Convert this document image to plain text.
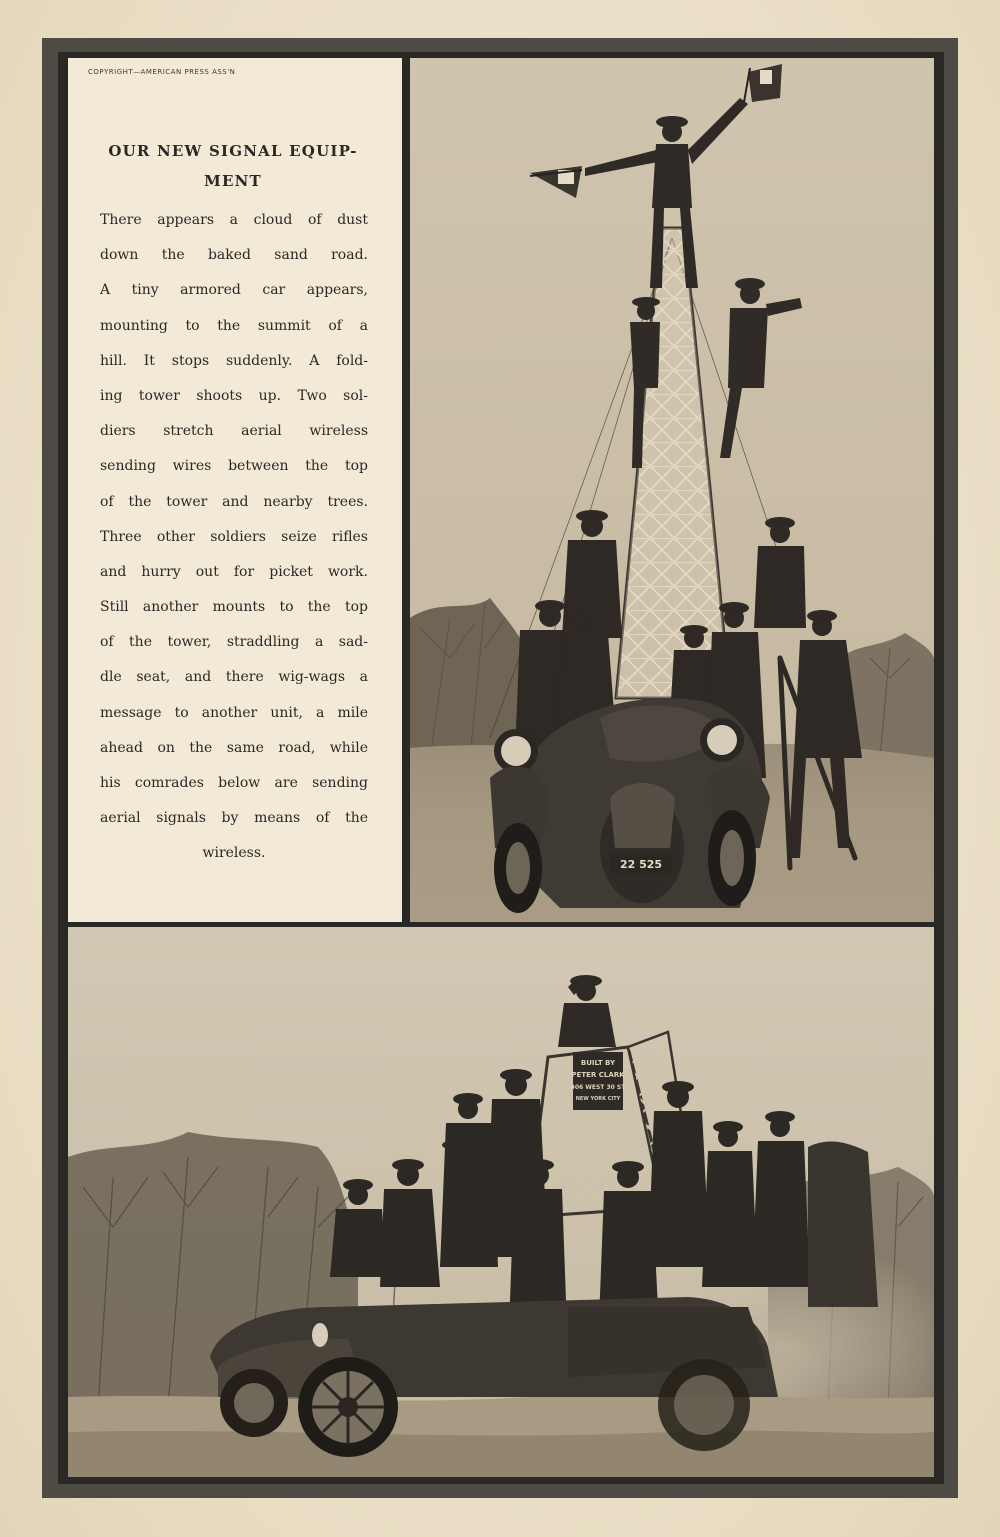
COPYRIGHT—AMERICAN PRESS ASS'N
OUR NEW SIGNAL EQUIP-
MENT
There appears a cloud of dust
down the baked sand road.
A tiny armored car appears,
mounting to the summit of a
hill. It stops suddenly. A fold-
ing tower shoots up. Two sol-
diers stretch aerial wireless
sending wires between the top
of the tower and nearby trees.
Three other soldiers seize rifles
and hurry out for picket work.
Still another mounts to the top
of the tower, straddling a sad-
dle seat, and there wig-wags a
message to another unit, a mile
ahead on the same road, while
his comrades below are sending
aerial signals by means of the
wireless.
22 525
BUILT BY
PETER CLARK
406 WEST 30 ST
NEW YORK CITY
